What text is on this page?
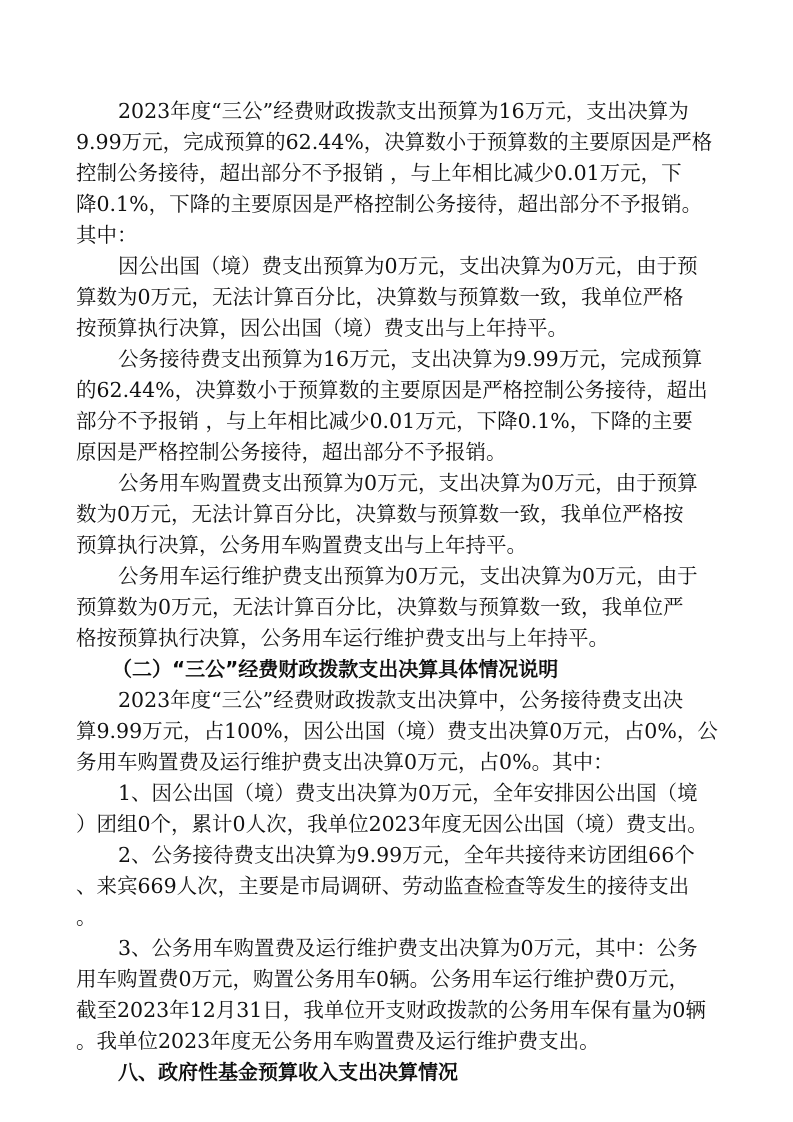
2023年度“三公”经费财政拨款支出预算为16万元，支出决算为
9.99万元，完成预算的62.44%，决算数小于预算数的主要原因是严格
控制公务接待，超出部分不予报销 ，与上年相比减少0.01万元，下
降0.1%，下降的主要原因是严格控制公务接待，超出部分不予报销。
其中：
因公出国（境）费支出预算为0万元，支出决算为0万元，由于预
算数为0万元，无法计算百分比，决算数与预算数一致，我单位严格
按预算执行决算，因公出国（境）费支出与上年持平。
公务接待费支出预算为16万元，支出决算为9.99万元，完成预算
的62.44%，决算数小于预算数的主要原因是严格控制公务接待，超出
部分不予报销 ，与上年相比减少0.01万元，下降0.1%，下降的主要
原因是严格控制公务接待，超出部分不予报销。
公务用车购置费支出预算为0万元，支出决算为0万元，由于预算
数为0万元，无法计算百分比，决算数与预算数一致，我单位严格按
预算执行决算，公务用车购置费支出与上年持平。
公务用车运行维护费支出预算为0万元，支出决算为0万元，由于
预算数为0万元，无法计算百分比，决算数与预算数一致，我单位严
格按预算执行决算，公务用车运行维护费支出与上年持平。
（二）“三公”经费财政拨款支出决算具体情况说明
2023年度“三公”经费财政拨款支出决算中，公务接待费支出决
算9.99万元，占100%，因公出国（境）费支出决算0万元，占0%，公
务用车购置费及运行维护费支出决算0万元，占0%。其中：
1、因公出国（境）费支出决算为0万元，全年安排因公出国（境
）团组0个，累计0人次，我单位2023年度无因公出国（境）费支出。
2、公务接待费支出决算为9.99万元，全年共接待来访团组66个
、来宾669人次，主要是市局调研、劳动监查检查等发生的接待支出
。
3、公务用车购置费及运行维护费支出决算为0万元，其中：公务
用车购置费0万元，购置公务用车0辆。公务用车运行维护费0万元，
截至2023年12月31日，我单位开支财政拨款的公务用车保有量为0辆
。我单位2023年度无公务用车购置费及运行维护费支出。
八、政府性基金预算收入支出决算情况
